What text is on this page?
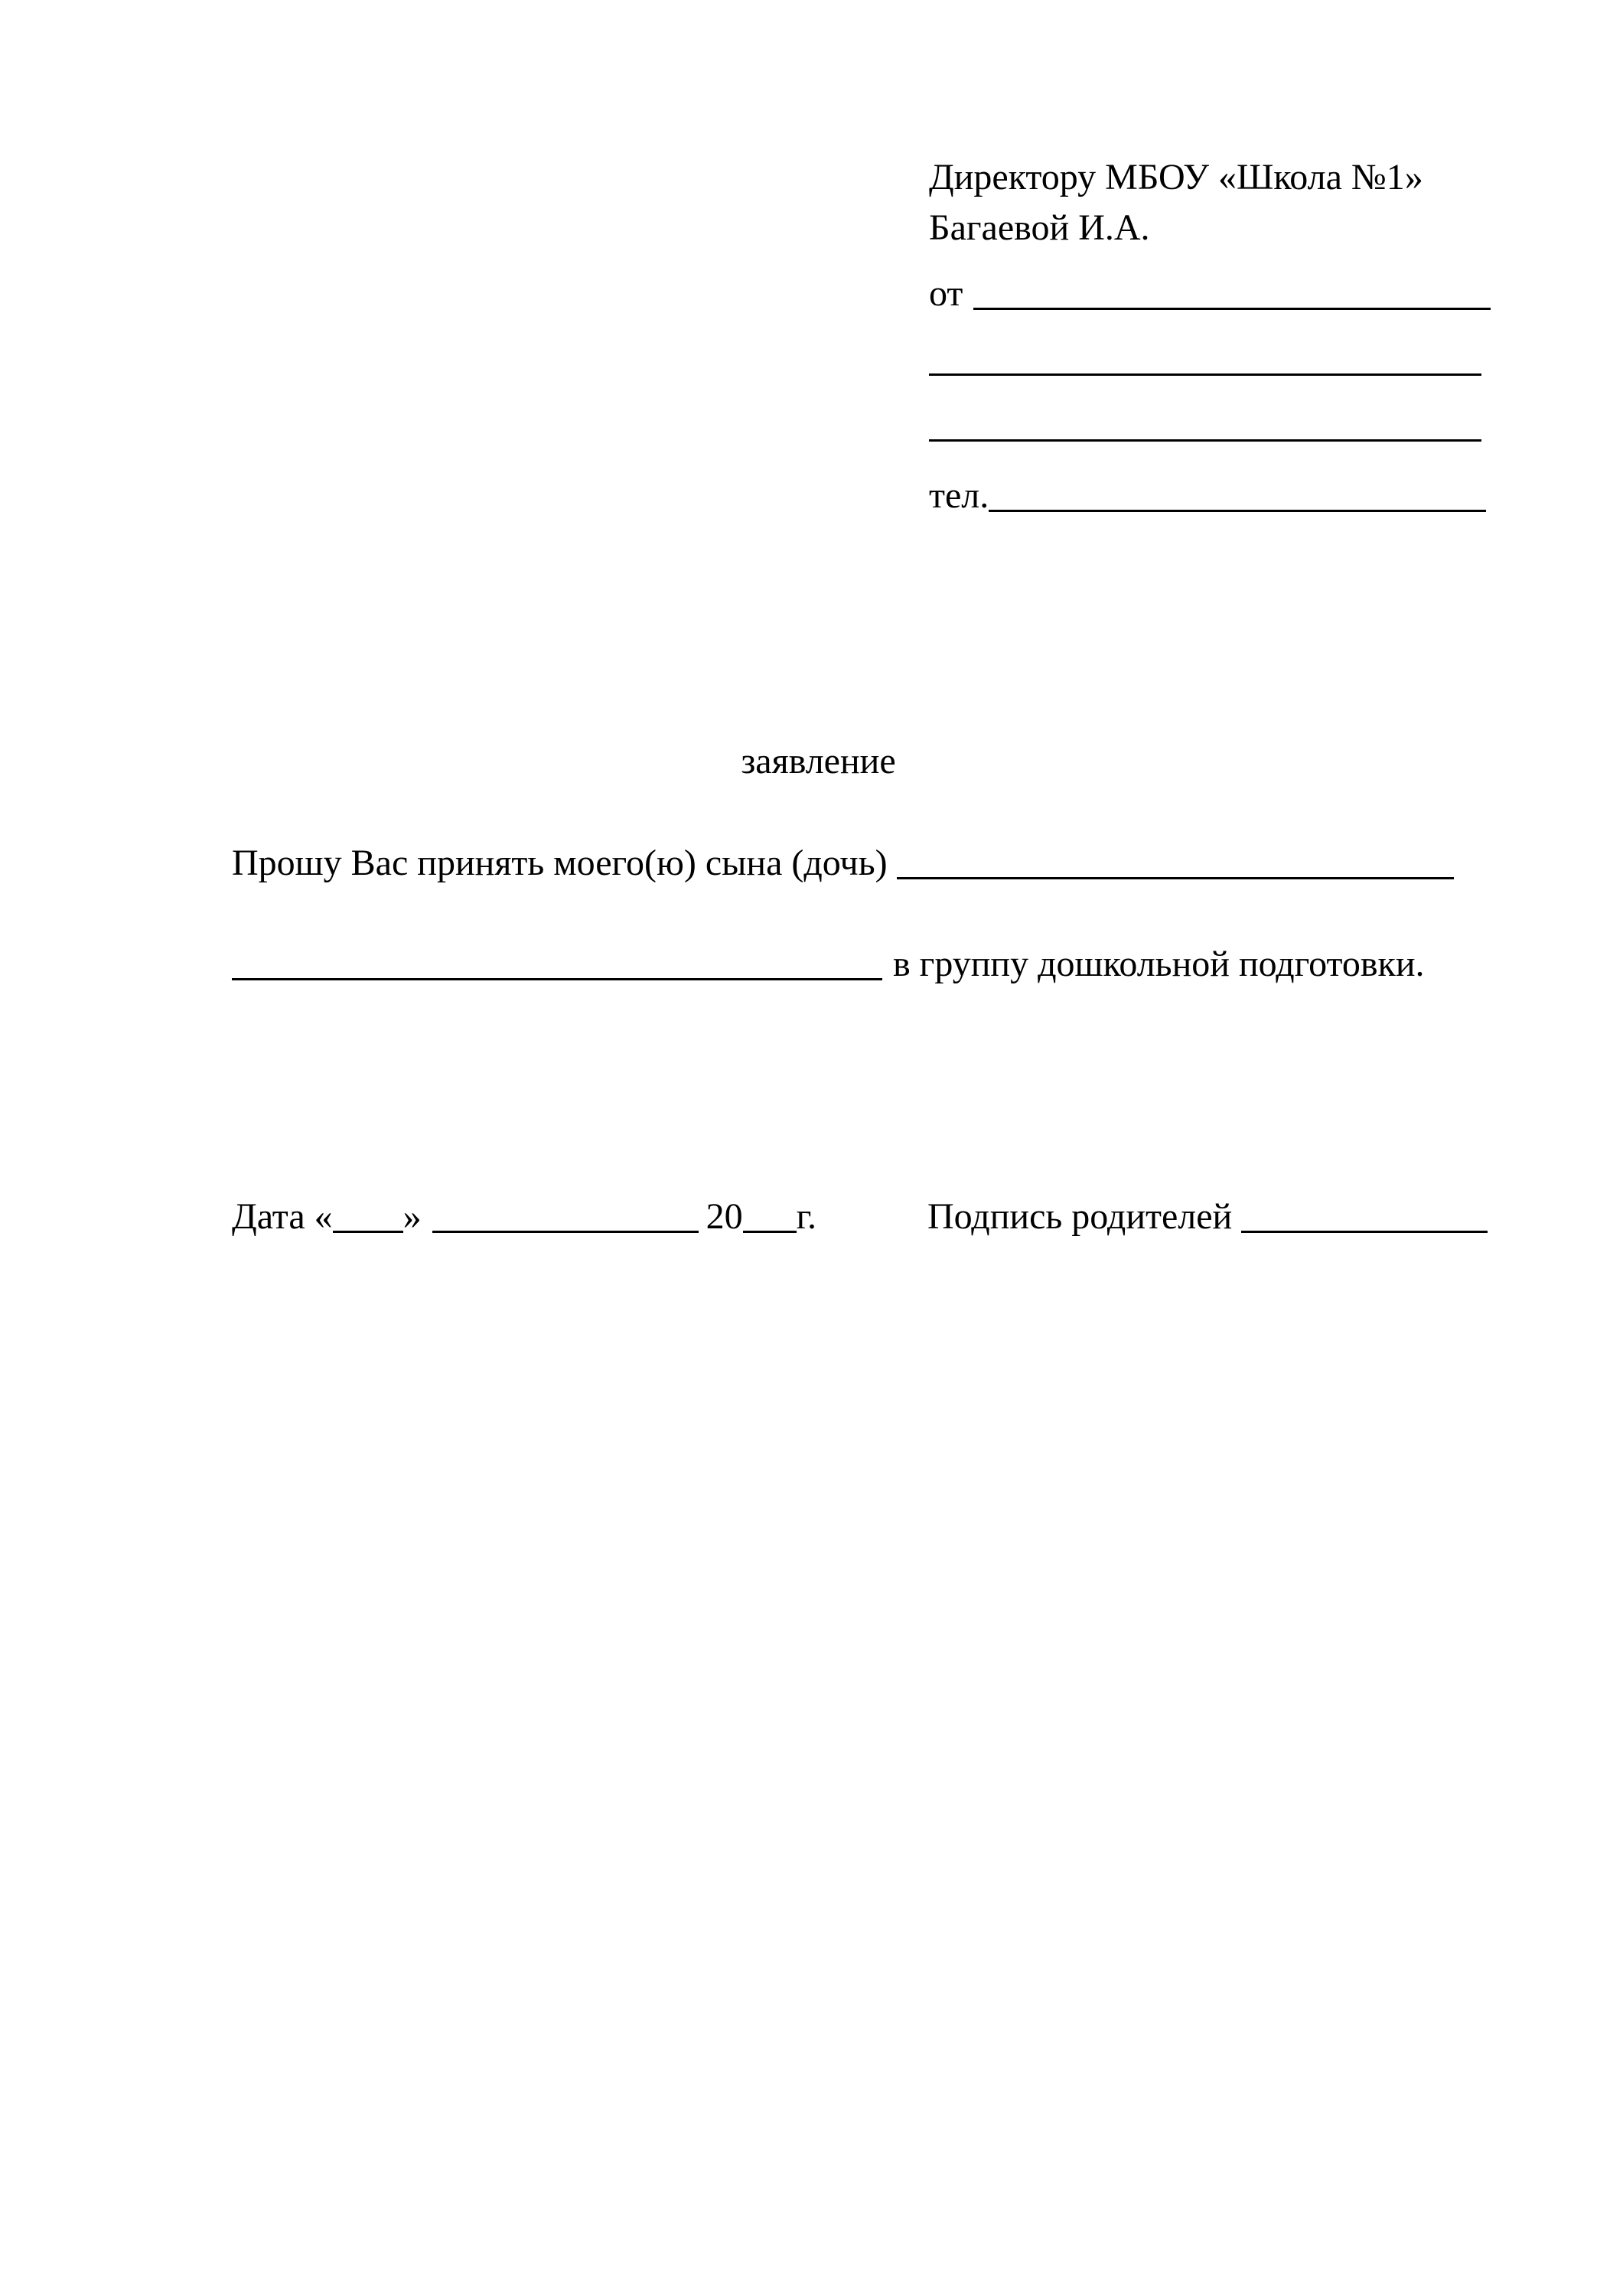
Директору МБОУ «Школа №1»
Багаевой И.А.
от
тел.
заявление
Прошу Вас принять моего(ю) сына (дочь)
в группу дошкольной подготовки.
Дата « »	20 г.	Подпись родителей
